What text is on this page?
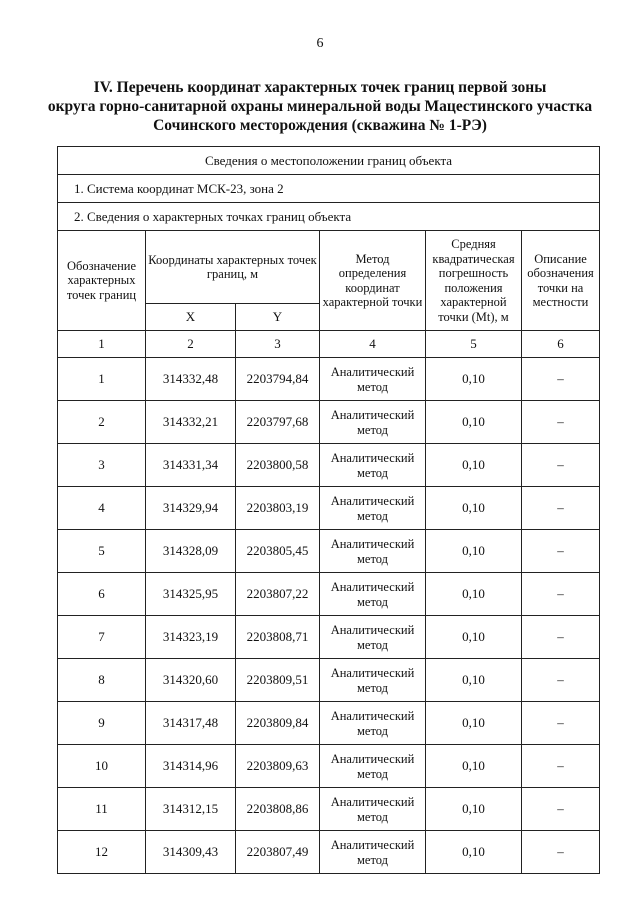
6
IV. Перечень координат характерных точек границ первой зоны
округа горно-санитарной охраны минеральной воды Мацестинского участка
Сочинского месторождения (скважина № 1-РЭ)
Сведения о местоположении границ объекта					
1. Система координат МСК-23, зона 2					
2. Сведения о характерных точках границ объекта					
Обозначение характерных точек границ	Координаты характерных точек границ, м		Метод определения координат характерной точки	Средняя квадратическая погрешность положения характерной точки (Mt), м	Описание обозначения точки на местности
	X	Y			
1	2	3	4	5	6
1	314332,48	2203794,84	Аналитический метод	0,10	–
2	314332,21	2203797,68	Аналитический метод	0,10	–
3	314331,34	2203800,58	Аналитический метод	0,10	–
4	314329,94	2203803,19	Аналитический метод	0,10	–
5	314328,09	2203805,45	Аналитический метод	0,10	–
6	314325,95	2203807,22	Аналитический метод	0,10	–
7	314323,19	2203808,71	Аналитический метод	0,10	–
8	314320,60	2203809,51	Аналитический метод	0,10	–
9	314317,48	2203809,84	Аналитический метод	0,10	–
10	314314,96	2203809,63	Аналитический метод	0,10	–
11	314312,15	2203808,86	Аналитический метод	0,10	–
12	314309,43	2203807,49	Аналитический метод	0,10	–
